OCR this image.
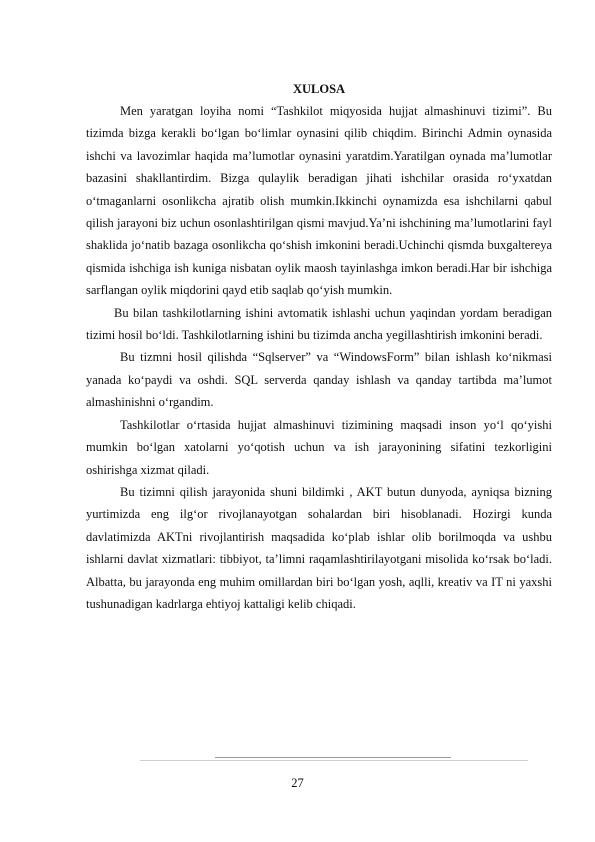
XULOSA

Men yaratgan loyiha nomi “Tashkilot miqyosida hujjat almashinuvi tizimi”. Bu tizimda bizga kerakli bo‘lgan bo‘limlar oynasini qilib chiqdim. Birinchi Admin oynasida ishchi va lavozimlar haqida ma’lumotlar oynasini yaratdim.Yaratilgan oynada ma’lumotlar bazasini shakllantirdim. Bizga qulaylik beradigan jihati ishchilar orasida ro‘yxatdan o‘tmaganlarni osonlikcha ajratib olish mumkin.Ikkinchi oynamizda esa ishchilarni qabul qilish jarayoni biz uchun osonlashtirilgan qismi mavjud.Ya’ni ishchining ma’lumotlarini fayl shaklida jo‘natib bazaga osonlikcha qo‘shish imkonini beradi.Uchinchi qismda buxgaltereya qismida ishchiga ish kuniga nisbatan oylik maosh tayinlashga imkon beradi.Har bir ishchiga sarflangan oylik miqdorini qayd etib saqlab qo‘yish mumkin.

Bu bilan tashkilotlarning ishini avtomatik ishlashi uchun yaqindan yordam beradigan tizimi hosil bo‘ldi. Tashkilotlarning ishini bu tizimda ancha yegillashtirish imkonini beradi.

Bu tizmni hosil qilishda “Sqlserver” va “WindowsForm” bilan ishlash ko‘nikmasi yanada ko‘paydi va oshdi. SQL serverda qanday ishlash va qanday tartibda ma’lumot almashinishni o‘rgandim.

Tashkilotlar o‘rtasida hujjat almashinuvi tizimining maqsadi inson yo‘l qo‘yishi mumkin bo‘lgan xatolarni yo‘qotish uchun va ish jarayonining sifatini tezkorligini oshirishga xizmat qiladi.

Bu tizimni qilish jarayonida shuni bildimki , AKT butun dunyoda, ayniqsa bizning yurtimizda eng ilg‘or rivojlanayotgan sohalardan biri hisoblanadi. Hozirgi kunda davlatimizda AKTni rivojlantirish maqsadida ko‘plab ishlar olib borilmoqda va ushbu ishlarni davlat xizmatlari: tibbiyot, ta’limni raqamlashtirilayotgani misolida ko‘rsak bo‘ladi. Albatta, bu jarayonda eng muhim omillardan biri bo‘lgan yosh, aqlli, kreativ va IT ni yaxshi tushunadigan kadrlarga ehtiyoj kattaligi kelib chiqadi.

27
